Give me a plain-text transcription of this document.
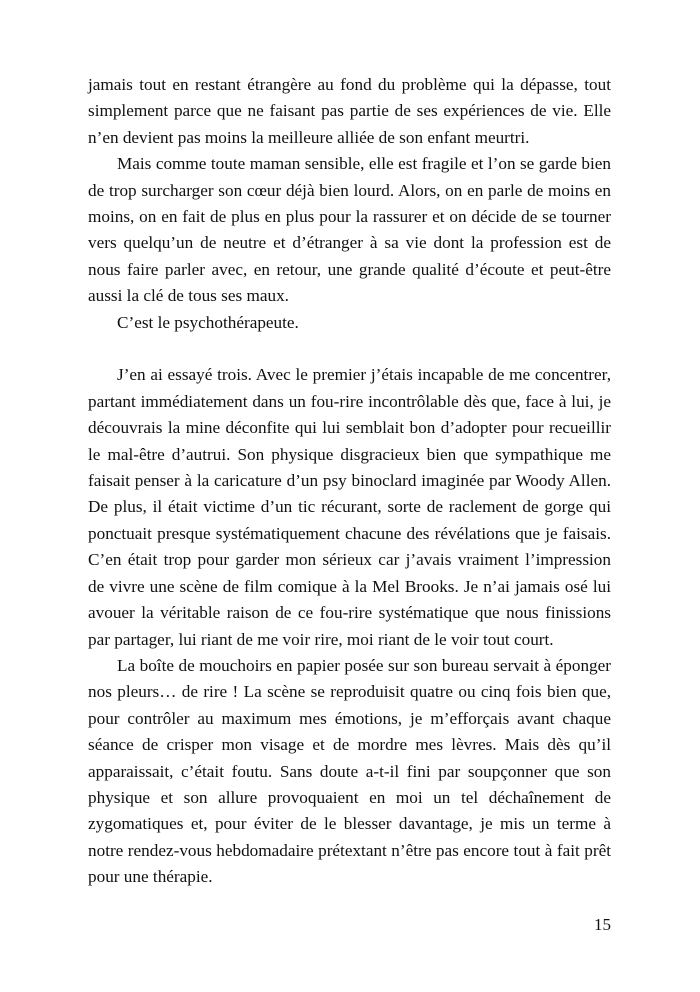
jamais tout en restant étrangère au fond du problème qui la dépasse, tout simplement parce que ne faisant pas partie de ses expériences de vie. Elle n’en devient pas moins la meilleure alliée de son enfant meurtri.

Mais comme toute maman sensible, elle est fragile et l’on se garde bien de trop surcharger son cœur déjà bien lourd. Alors, on en parle de moins en moins, on en fait de plus en plus pour la rassurer et on décide de se tourner vers quelqu’un de neutre et d’étranger à sa vie dont la profession est de nous faire parler avec, en retour, une grande qualité d’écoute et peut-être aussi la clé de tous ses maux.

C’est le psychothérapeute.

J’en ai essayé trois. Avec le premier j’étais incapable de me concentrer, partant immédiatement dans un fou-rire incontrôlable dès que, face à lui, je découvrais la mine déconfite qui lui semblait bon d’adopter pour recueillir le mal-être d’autrui. Son physique disgracieux bien que sympathique me faisait penser à la caricature d’un psy binoclard imaginée par Woody Allen. De plus, il était victime d’un tic récurant, sorte de raclement de gorge qui ponctuait presque systématiquement chacune des révélations que je faisais. C’en était trop pour garder mon sérieux car j’avais vraiment l’impression de vivre une scène de film comique à la Mel Brooks. Je n’ai jamais osé lui avouer la véritable raison de ce fou-rire systématique que nous finissions par partager, lui riant de me voir rire, moi riant de le voir tout court.

La boîte de mouchoirs en papier posée sur son bureau servait à éponger nos pleurs… de rire ! La scène se reproduisit quatre ou cinq fois bien que, pour contrôler au maximum mes émotions, je m’efforçais avant chaque séance de crisper mon visage et de mordre mes lèvres. Mais dès qu’il apparaissait, c’était foutu. Sans doute a-t-il fini par soupçonner que son physique et son allure provoquaient en moi un tel déchaînement de zygomatiques et, pour éviter de le blesser davantage, je mis un terme à notre rendez-vous hebdomadaire prétextant n’être pas encore tout à fait prêt pour une thérapie.

15
